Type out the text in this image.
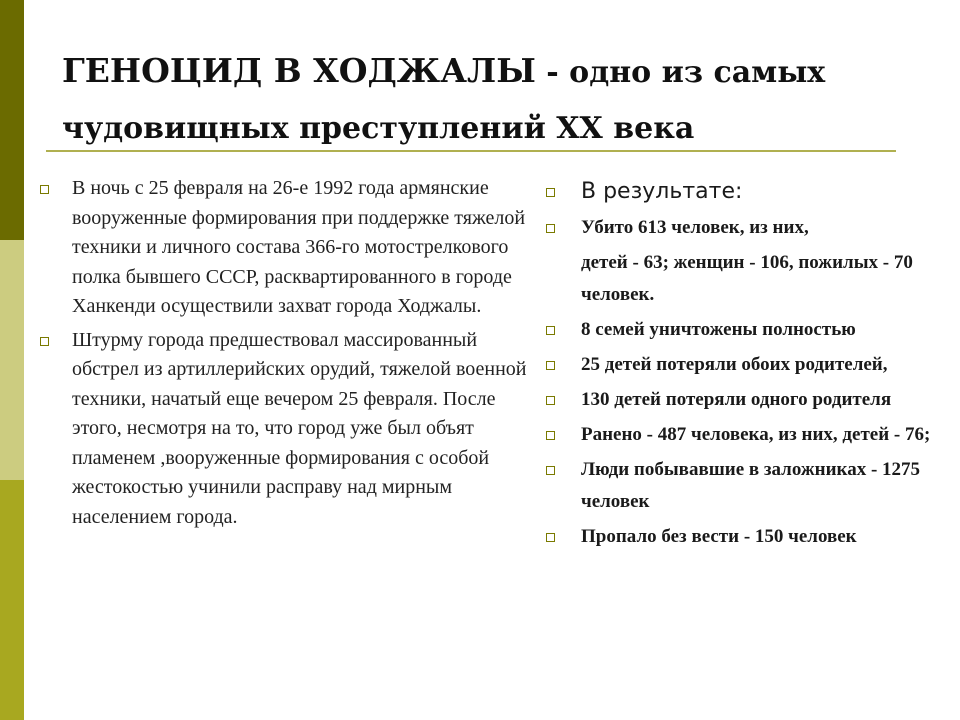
ГЕНОЦИД В ХОДЖАЛЫ - одно из самых чудовищных преступлений XX века
В ночь с 25 февраля на 26-е 1992 года армянские вооруженные формирования при поддержке тяжелой техники и личного состава 366-го мотострелкового полка бывшего СССР, расквартированного в городе Ханкенди осуществили захват города Ходжалы.
Штурму города предшествовал массированный обстрел из артиллерийских орудий, тяжелой военной техники, начатый еще вечером 25 февраля. После этого, несмотря на то, что город уже был объят пламенем ,вооруженные формирования с особой жестокостью учинили расправу над мирным населением города.
В результате:
Убито 613 человек, из них,
детей - 63; женщин - 106, пожилых - 70 человек.
8 семей уничтожены полностью
25 детей потеряли обоих родителей,
130 детей потеряли одного родителя
Ранено - 487 человека, из них, детей - 76;
Люди побывавшие в заложниках - 1275 человек
Пропало без вести - 150 человек
